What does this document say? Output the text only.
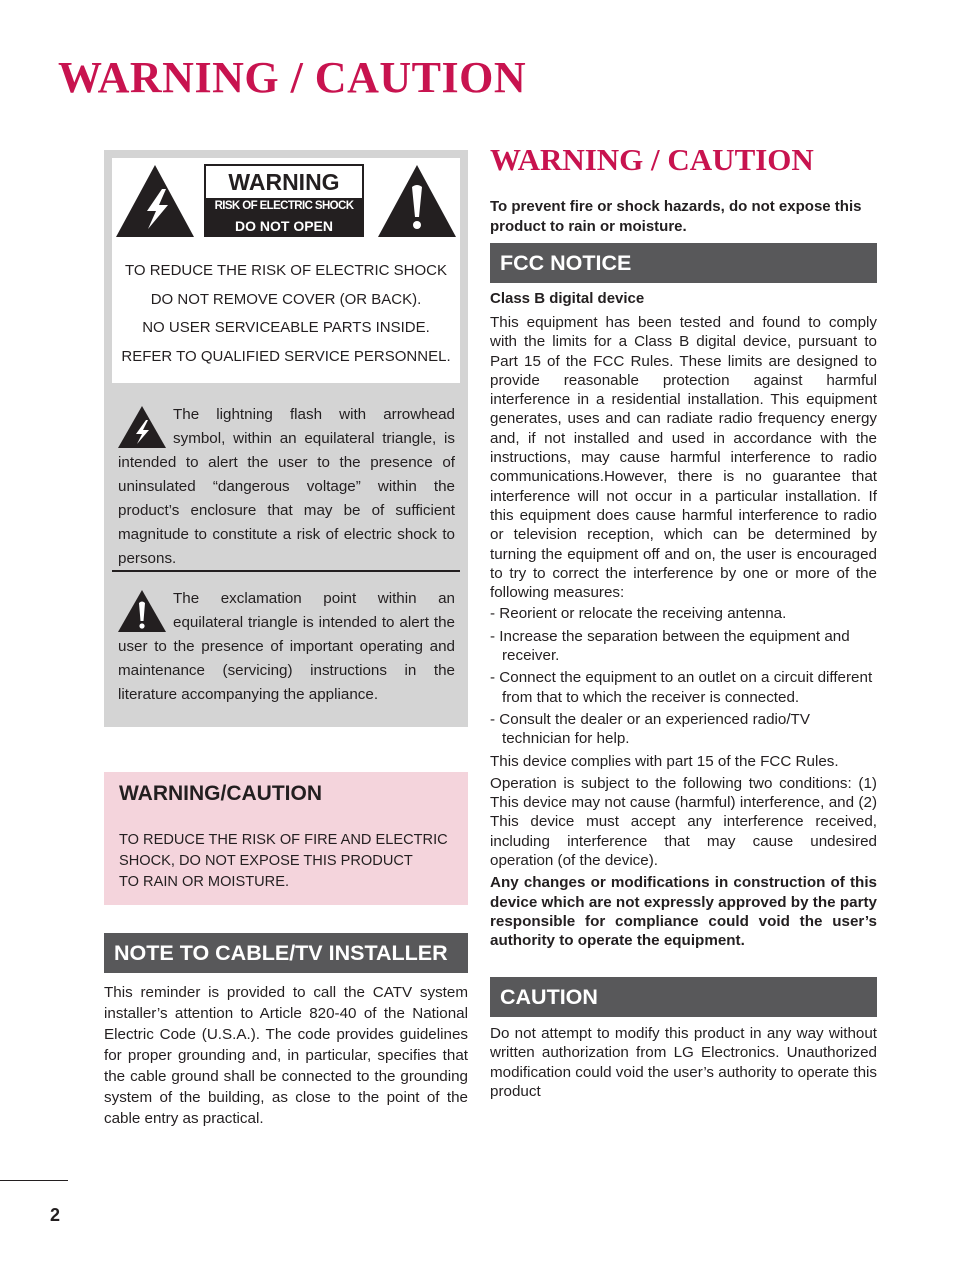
WARNING / CAUTION
WARNING
RISK OF ELECTRIC SHOCK
DO NOT OPEN
TO REDUCE THE RISK OF ELECTRIC SHOCK
DO NOT REMOVE COVER (OR BACK).
NO USER SERVICEABLE PARTS INSIDE.
REFER TO QUALIFIED SERVICE PERSONNEL.
The lightning flash with arrowhead symbol, within an equilateral triangle, is intended to alert the user to the presence of uninsulated “dangerous voltage” within the product’s enclosure that may be of sufficient magnitude to constitute a risk of electric shock to persons.
The exclamation point within an equilateral triangle is intended to alert the user to the presence of important operating and maintenance (servicing) instructions in the literature accompanying the appliance.
WARNING/CAUTION
TO REDUCE THE RISK OF FIRE AND ELECTRIC
SHOCK, DO NOT EXPOSE THIS PRODUCT
TO RAIN OR MOISTURE.
NOTE TO CABLE/TV INSTALLER
This reminder is provided to call the CATV system installer’s attention to Article 820-40 of the National Electric Code (U.S.A.). The code provides guidelines for proper grounding and, in particular, specifies that the cable ground shall be connected to the grounding system of the building, as close to the point of the cable entry as practical.
WARNING / CAUTION
To prevent fire or shock hazards, do not expose this product to rain or moisture.
FCC NOTICE
Class B digital device

This equipment has been tested and found to comply with the limits for a Class B digital device, pursuant to Part 15 of the FCC Rules. These limits are designed to provide reasonable protection against harmful interference in a residential installation. This equipment generates, uses and can radiate radio frequency energy and, if not installed and used in accordance with the instructions, may cause harmful interference to radio communications.However, there is no guarantee that interference will not occur in a particular installation. If this equipment does cause harmful interference to radio or television reception, which can be determined by turning the equipment off and on, the user is encouraged to try to correct the interference by one or more of the following measures:

- Reorient or relocate the receiving antenna.
- Increase the separation between the equipment and receiver.
- Connect the equipment to an outlet on a circuit different from that to which the receiver is connected.
- Consult the dealer or an experienced radio/TV technician for help.

This device complies with part 15 of the FCC Rules.

Operation is subject to the following two conditions: (1) This device may not cause (harmful) interference, and (2) This device must accept any interference received, including interference that may cause undesired operation (of the device).

Any changes or modifications in construction of this device which are not expressly approved by the party responsible for compliance could void the user’s authority to operate the equipment.

CAUTION
Do not attempt to modify this product in any way without written authorization from LG Electronics. Unauthorized modification could void the user’s authority to operate this product
2
